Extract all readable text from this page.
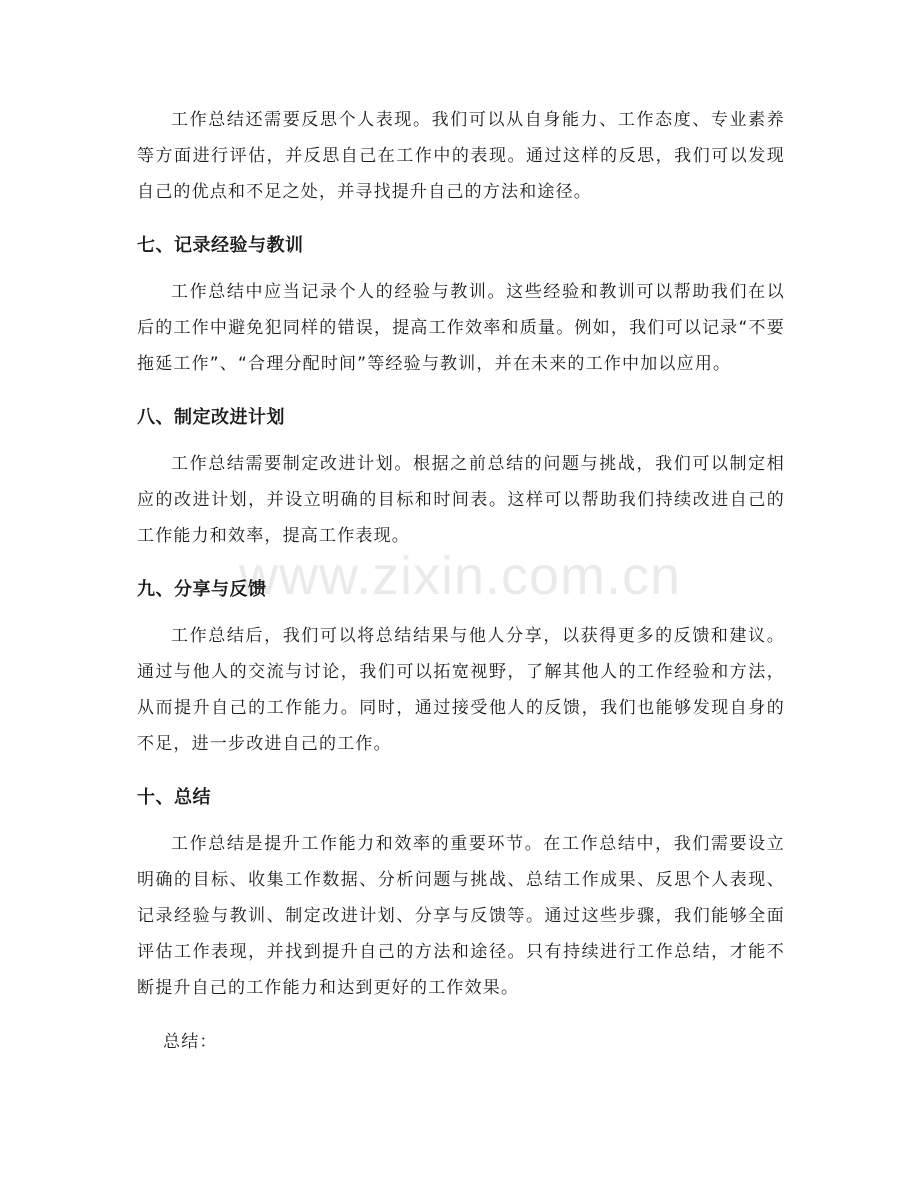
www.zixin.com.cn

工作总结还需要反思个人表现。我们可以从自身能力、工作态度、专业素养等方面进行评估，并反思自己在工作中的表现。通过这样的反思，我们可以发现自己的优点和不足之处，并寻找提升自己的方法和途径。

七、记录经验与教训

工作总结中应当记录个人的经验与教训。这些经验和教训可以帮助我们在以后的工作中避免犯同样的错误，提高工作效率和质量。例如，我们可以记录“不要拖延工作”、“合理分配时间”等经验与教训，并在未来的工作中加以应用。

八、制定改进计划

工作总结需要制定改进计划。根据之前总结的问题与挑战，我们可以制定相应的改进计划，并设立明确的目标和时间表。这样可以帮助我们持续改进自己的工作能力和效率，提高工作表现。

九、分享与反馈

工作总结后，我们可以将总结结果与他人分享，以获得更多的反馈和建议。通过与他人的交流与讨论，我们可以拓宽视野，了解其他人的工作经验和方法，从而提升自己的工作能力。同时，通过接受他人的反馈，我们也能够发现自身的不足，进一步改进自己的工作。

十、总结

工作总结是提升工作能力和效率的重要环节。在工作总结中，我们需要设立明确的目标、收集工作数据、分析问题与挑战、总结工作成果、反思个人表现、记录经验与教训、制定改进计划、分享与反馈等。通过这些步骤，我们能够全面评估工作表现，并找到提升自己的方法和途径。只有持续进行工作总结，才能不断提升自己的工作能力和达到更好的工作效果。

总结：
